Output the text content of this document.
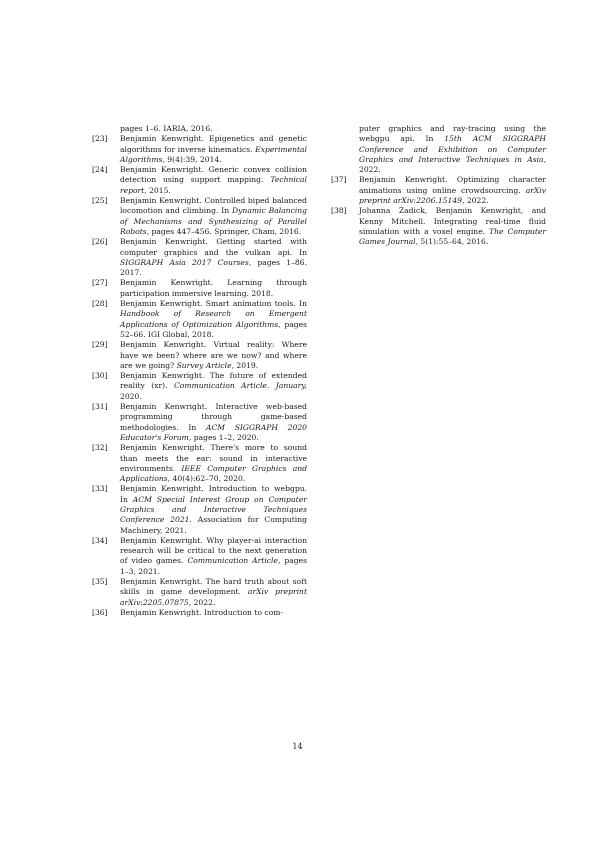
pages 1–6. IARIA, 2016.
[23] Benjamin Kenwright. Epigenetics and genetic algorithms for inverse kinematics. Experimental Algorithms, 9(4):39, 2014.
[24] Benjamin Kenwright. Generic convex collision detection using support mapping. Technical report, 2015.
[25] Benjamin Kenwright. Controlled biped balanced locomotion and climbing. In Dynamic Balancing of Mechanisms and Synthesizing of Parallel Robots, pages 447–456. Springer, Cham, 2016.
[26] Benjamin Kenwright. Getting started with computer graphics and the vulkan api. In SIGGRAPH Asia 2017 Courses, pages 1–86. 2017.
[27] Benjamin Kenwright. Learning through participation immersive learning. 2018.
[28] Benjamin Kenwright. Smart animation tools. In Handbook of Research on Emergent Applications of Optimization Algorithms, pages 52–66. IGI Global, 2018.
[29] Benjamin Kenwright. Virtual reality: Where have we been? where are we now? and where are we going? Survey Article, 2019.
[30] Benjamin Kenwright. The future of extended reality (xr). Communication Article. January, 2020.
[31] Benjamin Kenwright. Interactive web-based programming through game-based methodologies. In ACM SIGGRAPH 2020 Educator's Forum, pages 1–2, 2020.
[32] Benjamin Kenwright. There's more to sound than meets the ear: sound in interactive environments. IEEE Computer Graphics and Applications, 40(4):62–70, 2020.
[33] Benjamin Kenwright. Introduction to webgpu. In ACM Special Interest Group on Computer Graphics and Interactive Techniques Conference 2021. Association for Computing Machinery, 2021.
[34] Benjamin Kenwright. Why player-ai interaction research will be critical to the next generation of video games. Communication Article, pages 1–3, 2021.
[35] Benjamin Kenwright. The hard truth about soft skills in game development. arXiv preprint arXiv:2205.07875, 2022.
[36] Benjamin Kenwright. Introduction to com-
puter graphics and ray-tracing using the webgpu api. In 15th ACM SIGGRAPH Conference and Exhibition on Computer Graphics and Interactive Techniques in Asia, 2022.
[37] Benjamin Kenwright. Optimizing character animations using online crowdsourcing. arXiv preprint arXiv:2206.15149, 2022.
[38] Johanna Zadick, Benjamin Kenwright, and Kenny Mitchell. Integrating real-time fluid simulation with a voxel engine. The Computer Games Journal, 5(1):55–64, 2016.
14
